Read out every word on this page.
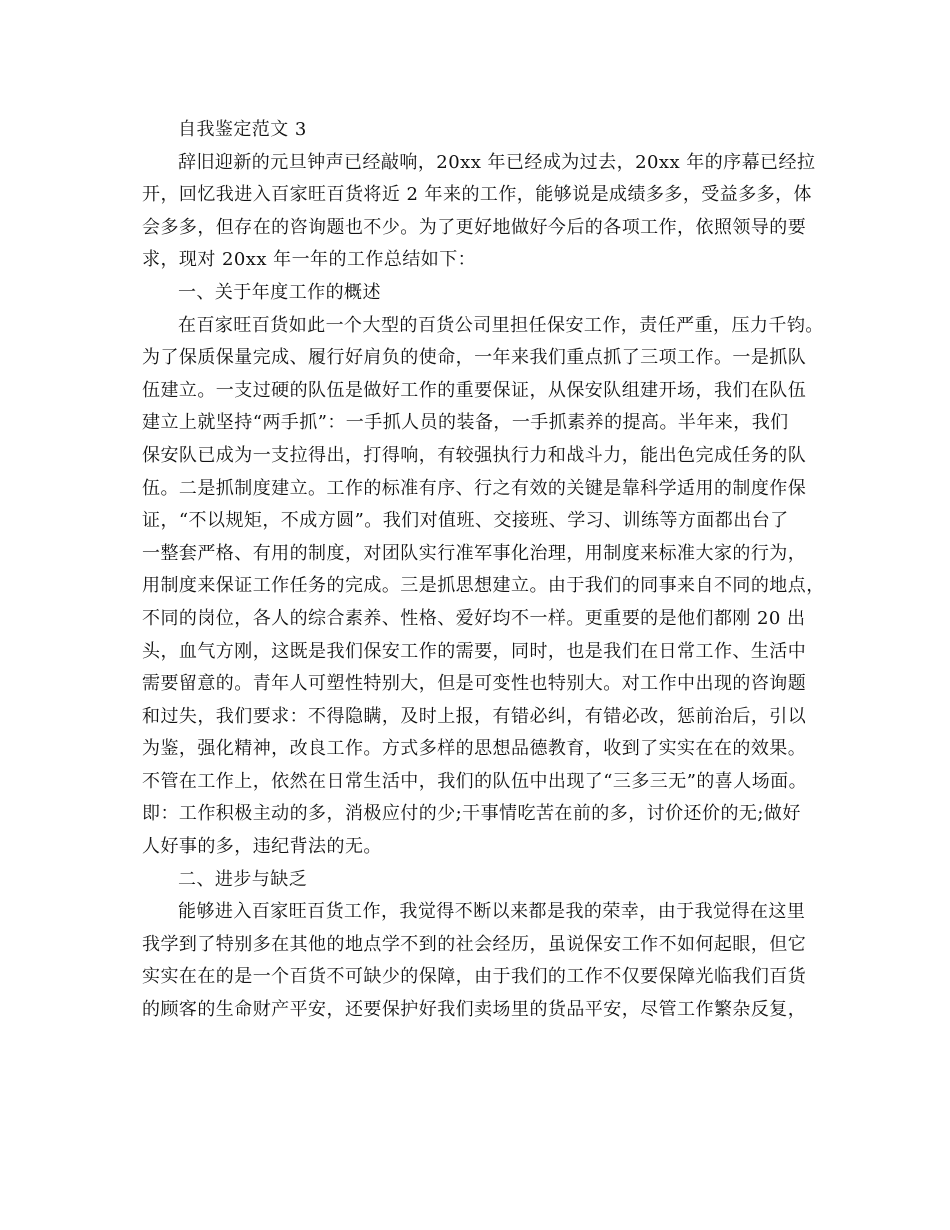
自我鉴定范文 3
辞旧迎新的元旦钟声已经敲响，20xx 年已经成为过去，20xx 年的序幕已经拉
开，回忆我进入百家旺百货将近 2 年来的工作，能够说是成绩多多，受益多多，体
会多多，但存在的咨询题也不少。为了更好地做好今后的各项工作，依照领导的要
求，现对 20xx 年一年的工作总结如下：
一、关于年度工作的概述
在百家旺百货如此一个大型的百货公司里担任保安工作，责任严重，压力千钧。
为了保质保量完成、履行好肩负的使命，一年来我们重点抓了三项工作。一是抓队
伍建立。一支过硬的队伍是做好工作的重要保证，从保安队组建开场，我们在队伍
建立上就坚持“两手抓”：一手抓人员的装备，一手抓素养的提高。半年来，我们
保安队已成为一支拉得出，打得响，有较强执行力和战斗力，能出色完成任务的队
伍。二是抓制度建立。工作的标准有序、行之有效的关键是靠科学适用的制度作保
证，“不以规矩，不成方圆”。我们对值班、交接班、学习、训练等方面都出台了
一整套严格、有用的制度，对团队实行准军事化治理，用制度来标准大家的行为，
用制度来保证工作任务的完成。三是抓思想建立。由于我们的同事来自不同的地点，
不同的岗位，各人的综合素养、性格、爱好均不一样。更重要的是他们都刚 20 出
头，血气方刚，这既是我们保安工作的需要，同时，也是我们在日常工作、生活中
需要留意的。青年人可塑性特别大，但是可变性也特别大。对工作中出现的咨询题
和过失，我们要求：不得隐瞒，及时上报，有错必纠，有错必改，惩前治后，引以
为鉴，强化精神，改良工作。方式多样的思想品德教育，收到了实实在在的效果。
不管在工作上，依然在日常生活中，我们的队伍中出现了“三多三无”的喜人场面。
即：工作积极主动的多，消极应付的少;干事情吃苦在前的多，讨价还价的无;做好
人好事的多，违纪背法的无。
二、进步与缺乏
能够进入百家旺百货工作，我觉得不断以来都是我的荣幸，由于我觉得在这里
我学到了特别多在其他的地点学不到的社会经历，虽说保安工作不如何起眼，但它
实实在在的是一个百货不可缺少的保障，由于我们的工作不仅要保障光临我们百货
的顾客的生命财产平安，还要保护好我们卖场里的货品平安，尽管工作繁杂反复，
